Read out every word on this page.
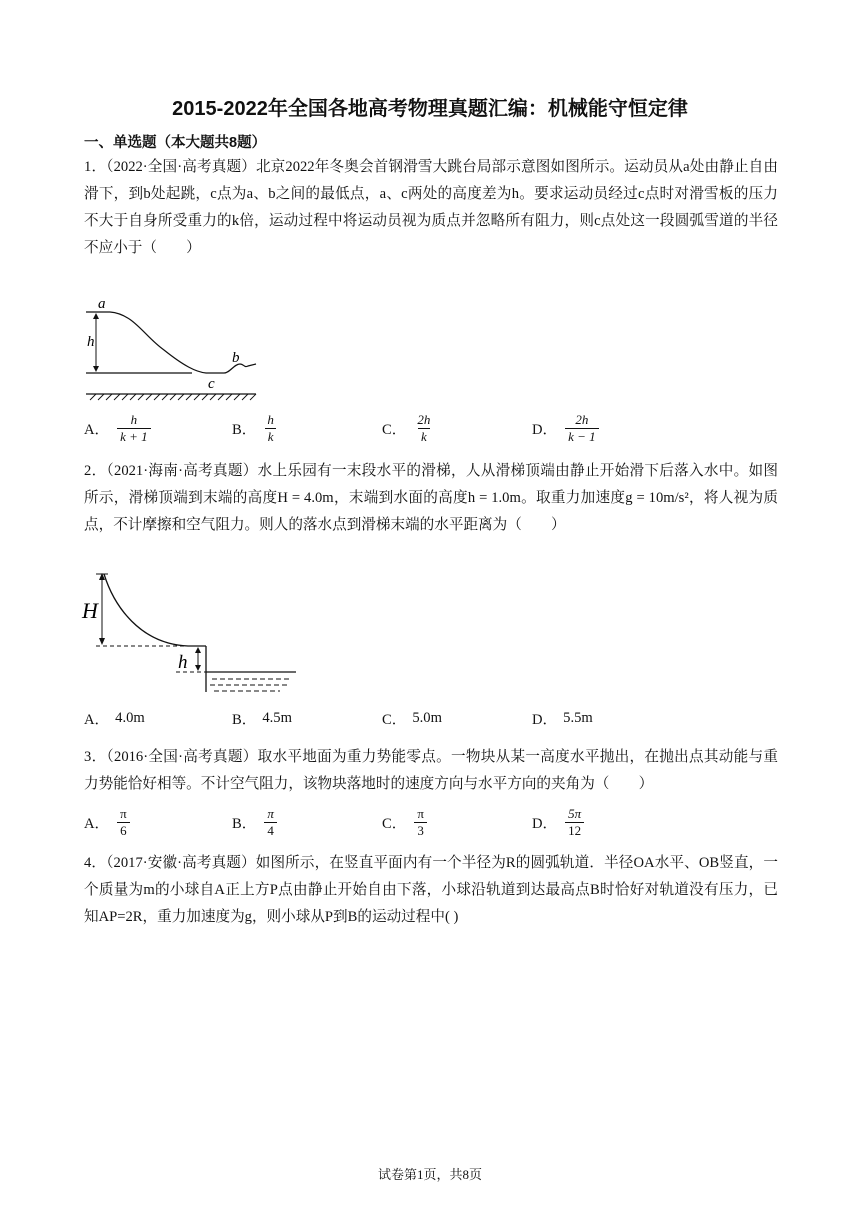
2015-2022年全国各地高考物理真题汇编：机械能守恒定律
一、单选题（本大题共8题）

1．（2022·全国·高考真题）北京2022年冬奥会首钢滑雪大跳台局部示意图如图所示。运动员从a处由静止自由滑下，到b处起跳，c点为a、b之间的最低点，a、c两处的高度差为h。要求运动员经过c点时对滑雪板的压力不大于自身所受重力的k倍，运动过程中将运动员视为质点并忽略所有阻力，则c点处这一段圆弧雪道的半径不应小于（　　）

a
h
c
b
A． $\frac{h}{k + 1}$	B． $\frac{h}{k}$	C． $\frac{2h}{k}$	D． $\frac{2h}{k - 1}$

2．（2021·海南·高考真题）水上乐园有一末段水平的滑梯，人从滑梯顶端由静止开始滑下后落入水中。如图所示，滑梯顶端到末端的高度H = 4.0m，末端到水面的高度h = 1.0m。取重力加速度g = 10m/s²，将人视为质点，不计摩擦和空气阻力。则人的落水点到滑梯末端的水平距离为（　　）

H
h
A． 4.0m	B． 4.5m	C． 5.0m	D． 5.5m

3．（2016·全国·高考真题）取水平地面为重力势能零点。一物块从某一高度水平抛出，在抛出点其动能与重力势能恰好相等。不计空气阻力，该物块落地时的速度方向与水平方向的夹角为（　　）

A． $\frac{\pi}{6}$	B． $\frac{\pi}{4}$	C． $\frac{\pi}{3}$	D． $\frac{5\pi}{12}$

4．（2017·安徽·高考真题）如图所示，在竖直平面内有一个半径为R的圆弧轨道．半径OA水平、OB竖直，一个质量为m的小球自A正上方P点由静止开始自由下落，小球沿轨道到达最高点B时恰好对轨道没有压力，已知AP=2R，重力加速度为g，则小球从P到B的运动过程中( )

试卷第1页，共8页
